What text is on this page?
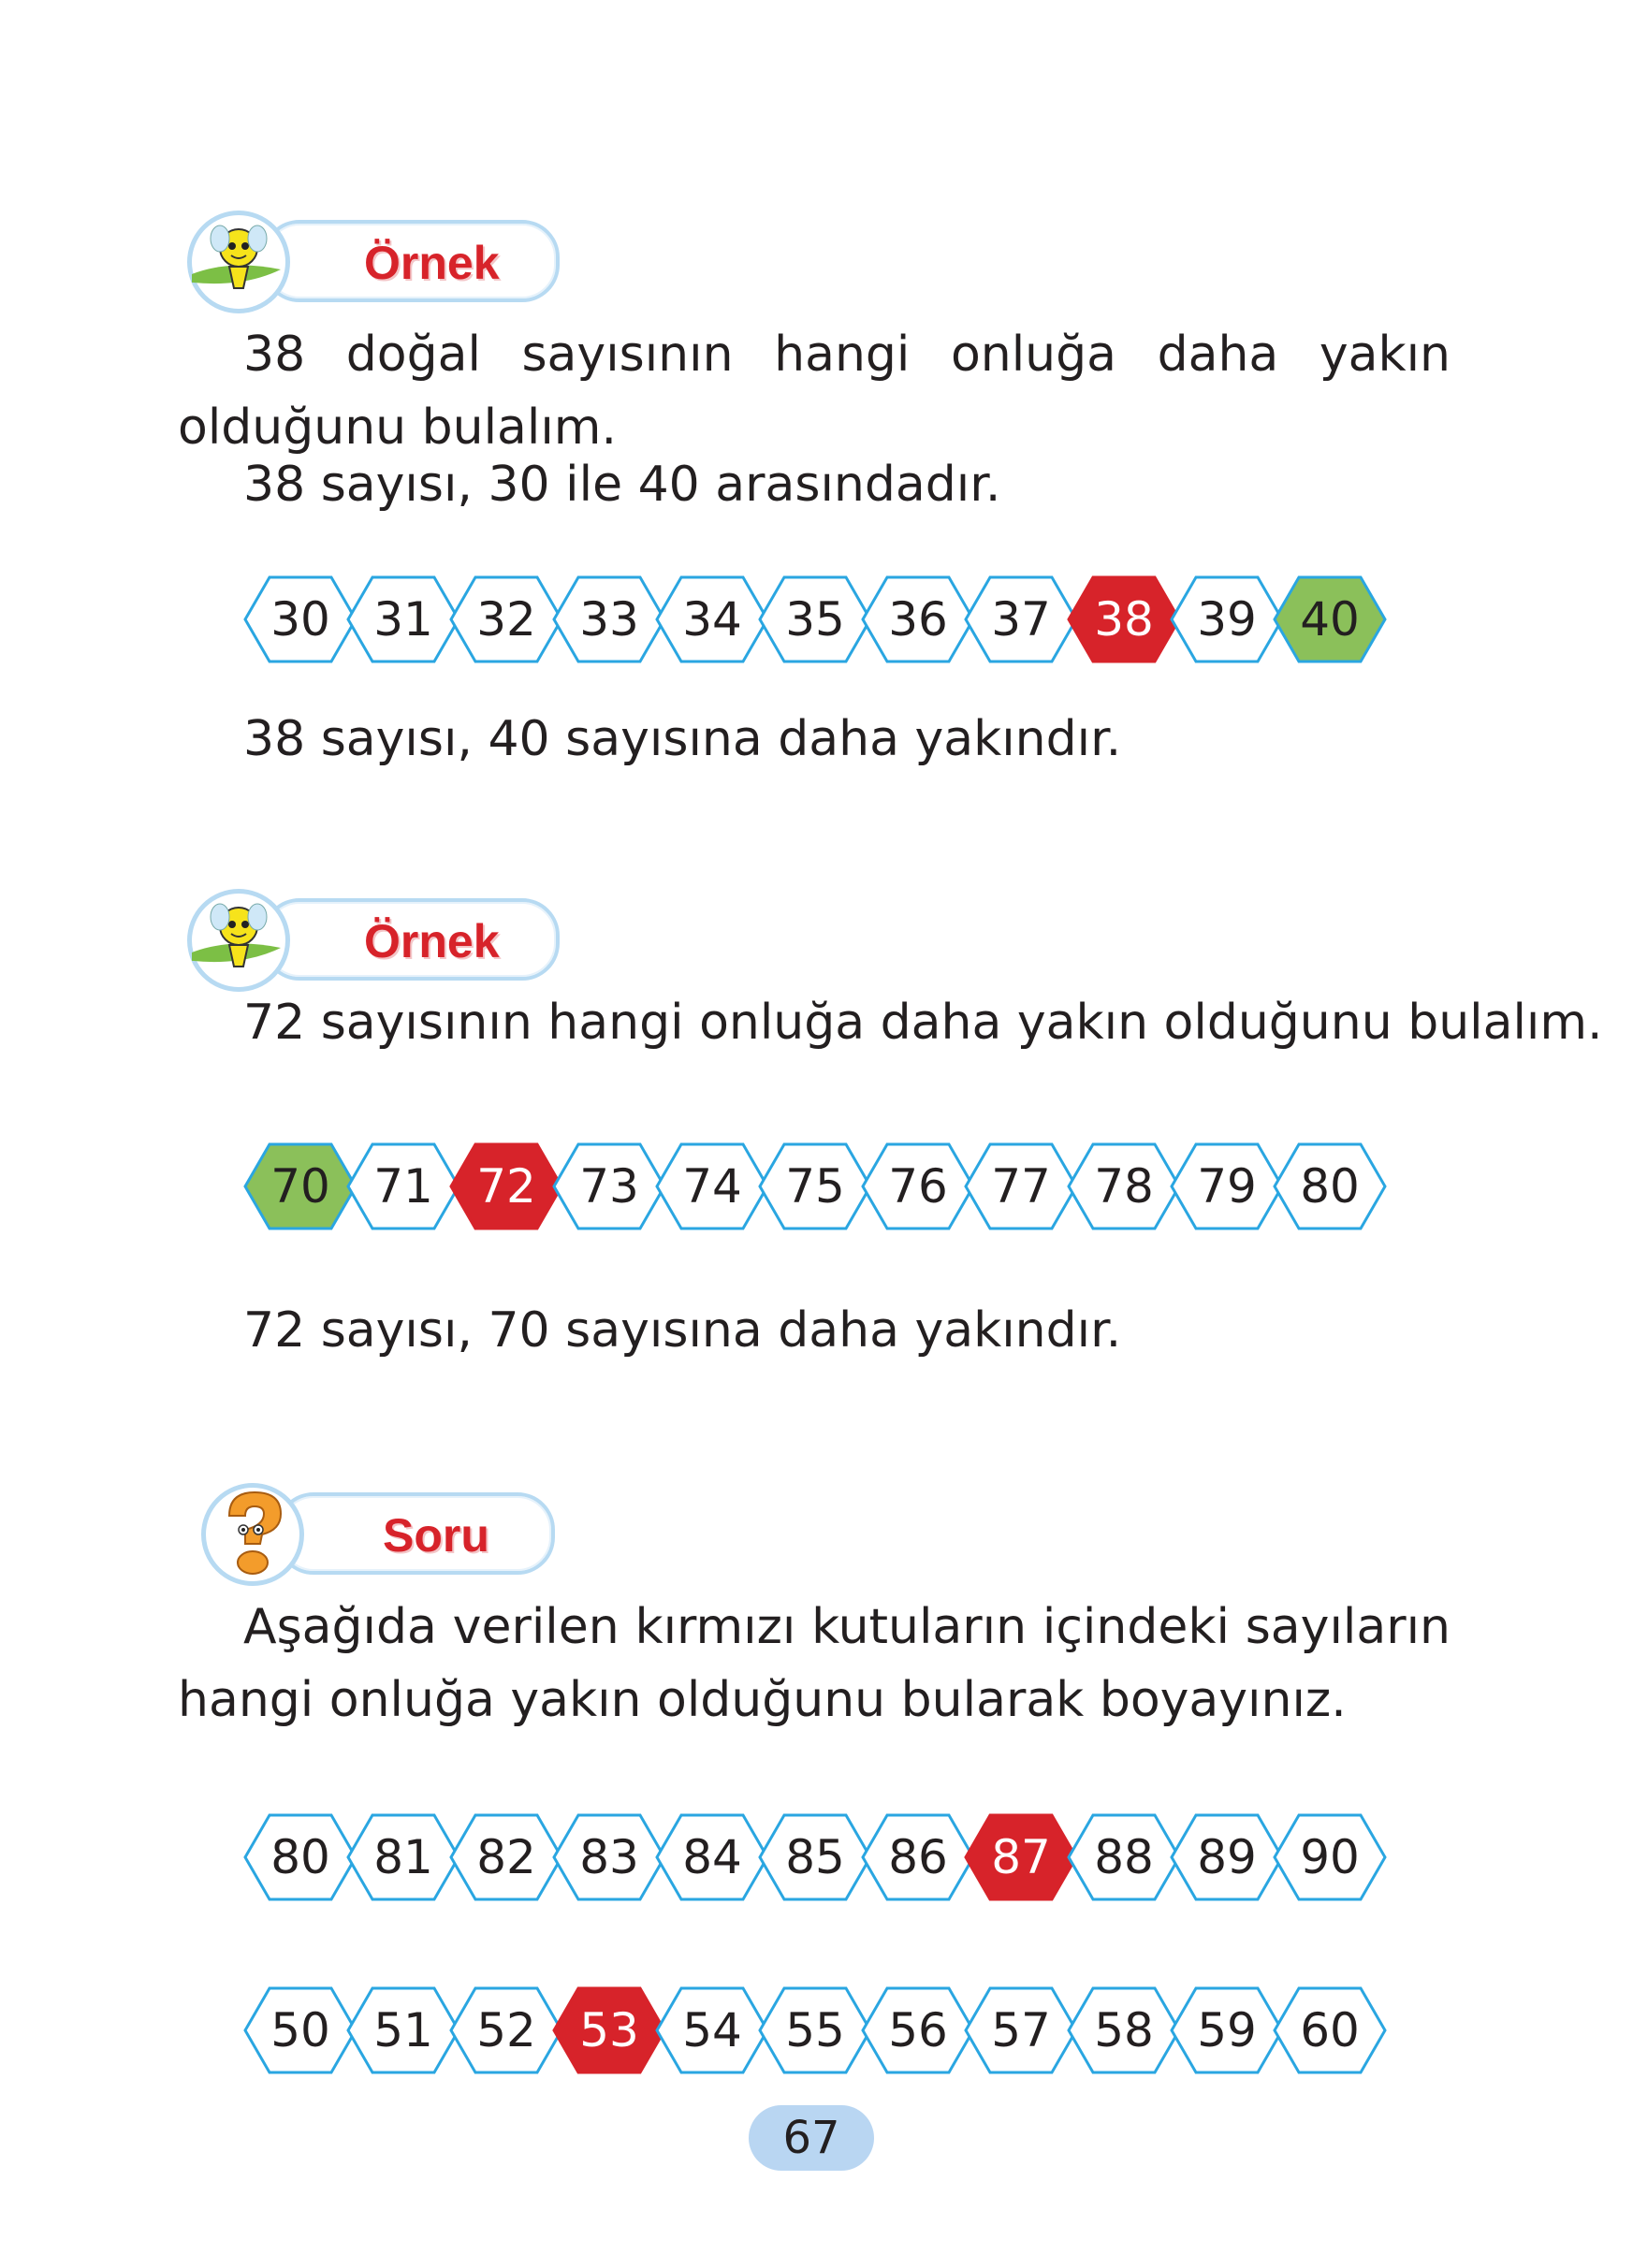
Örnek

38 doğal sayısının hangi onluğa daha yakın olduğunu bulalım.

38 sayısı, 30 ile 40 arasındadır.

30 31 32 33 34 35 36 37 38 39 40

38 sayısı, 40 sayısına daha yakındır.

Örnek

72 sayısının hangi onluğa daha yakın olduğunu bulalım.

70 71 72 73 74 75 76 77 78 79 80

72 sayısı, 70 sayısına daha yakındır.

Soru

Aşağıda verilen kırmızı kutuların içindeki sayıların hangi onluğa yakın olduğunu bularak boyayınız.

80 81 82 83 84 85 86 87 88 89 90
50 51 52 53 54 55 56 57 58 59 60
67
